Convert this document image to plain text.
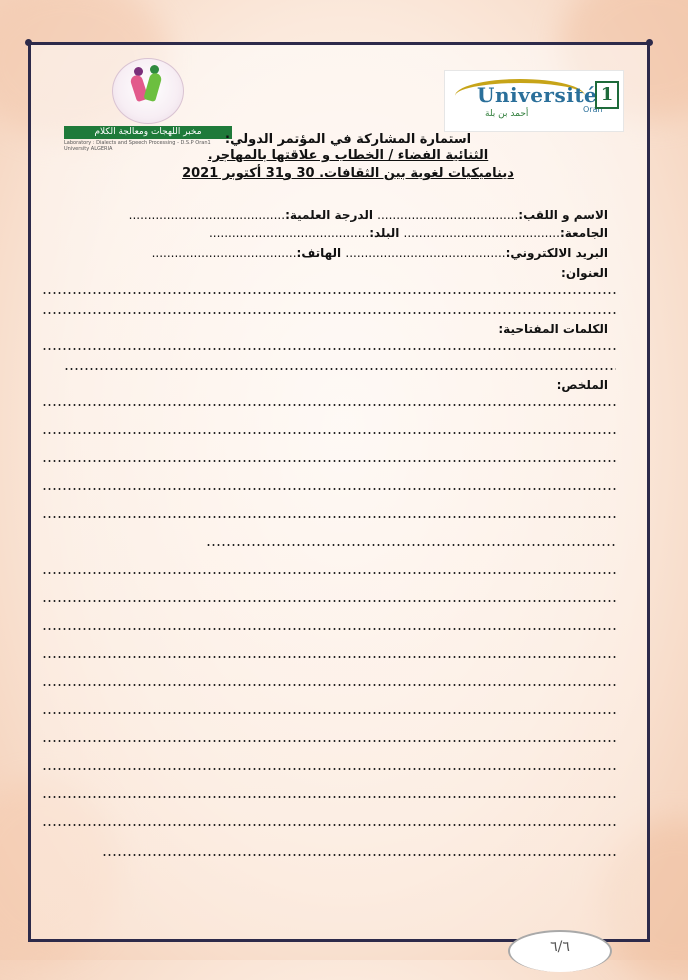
مخبر اللهجات ومعالجة الكلام
Laboratory : Dialects and Speech Processing - D.S.P Oran1 University ALGERIA
Université
Oran
أحمد بن بلة
1
استمارة المشاركة في المؤتمر الدولي:
الثنائية الفضاء / الخطاب و علاقتها بالمهاجر.
ديناميكيات لغوية بين الثقافات. 30 و31 أكتوبر 2021
الاسم و اللقب:..................................... الدرجة العلمية:.........................................
الجامعة:......................................... البلد:..........................................
البريد الالكتروني:.......................................... الهاتف:......................................
العنوان:
الكلمات المفتاحية:
الملخص:
٦/٦
